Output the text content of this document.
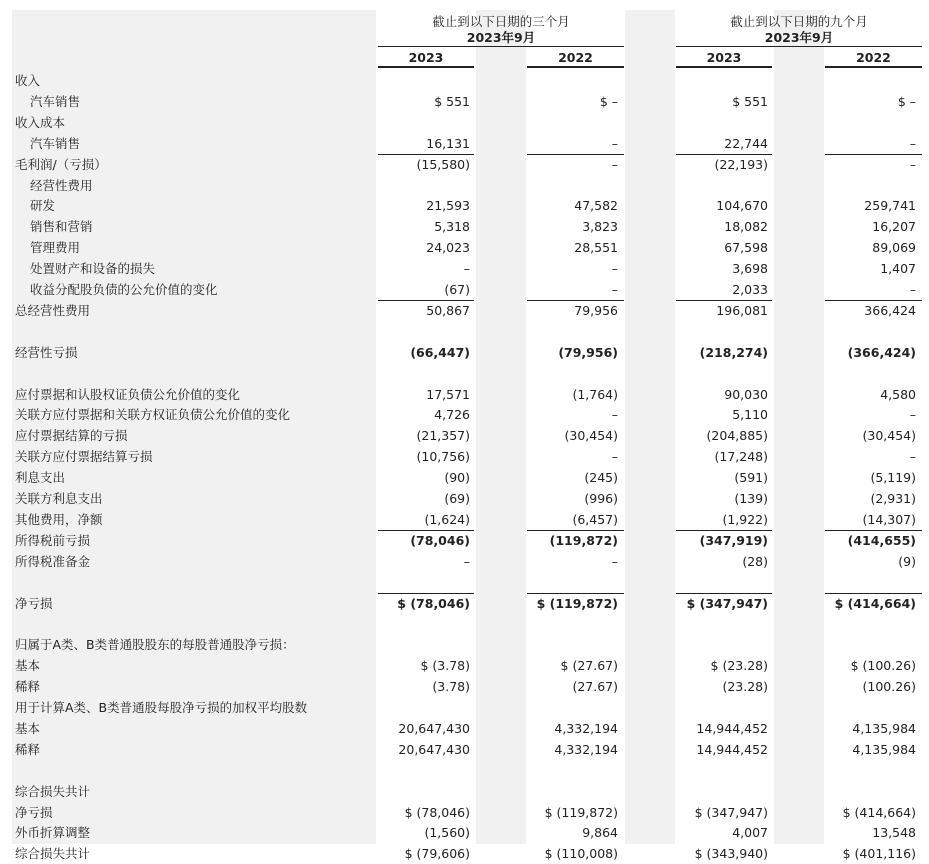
截止到以下日期的三个月
2023年9月
截止到以下日期的九个月
2023年9月
2023	2022	2023	2022
收入
汽车销售	$ 551	$ –	$ 551	$ –
收入成本
汽车销售	16,131	–	22,744	–
毛利润/（亏损）	(15,580)	–	(22,193)	–
经营性费用
研发	21,593	47,582	104,670	259,741
销售和营销	5,318	3,823	18,082	16,207
管理费用	24,023	28,551	67,598	89,069
处置财产和设备的损失	–	–	3,698	1,407
收益分配股负债的公允价值的变化	(67)	–	2,033	–
总经营性费用	50,867	79,956	196,081	366,424
经营性亏损	(66,447)	(79,956)	(218,274)	(366,424)
应付票据和认股权证负债公允价值的变化	17,571	(1,764)	90,030	4,580
关联方应付票据和关联方权证负债公允价值的变化	4,726	–	5,110	–
应付票据结算的亏损	(21,357)	(30,454)	(204,885)	(30,454)
关联方应付票据结算亏损	(10,756)	–	(17,248)	–
利息支出	(90)	(245)	(591)	(5,119)
关联方利息支出	(69)	(996)	(139)	(2,931)
其他费用，净额	(1,624)	(6,457)	(1,922)	(14,307)
所得税前亏损	(78,046)	(119,872)	(347,919)	(414,655)
所得税准备金	–	–	(28)	(9)
净亏损	$ (78,046)	$ (119,872)	$ (347,947)	$ (414,664)
归属于A类、B类普通股股东的每股普通股净亏损：
基本	$ (3.78)	$ (27.67)	$ (23.28)	$ (100.26)
稀释	(3.78)	(27.67)	(23.28)	(100.26)
用于计算A类、B类普通股每股净亏损的加权平均股数
基本	20,647,430	4,332,194	14,944,452	4,135,984
稀释	20,647,430	4,332,194	14,944,452	4,135,984
综合损失共计
净亏损	$ (78,046)	$ (119,872)	$ (347,947)	$ (414,664)
外币折算调整	(1,560)	9,864	4,007	13,548
综合损失共计	$ (79,606)	$ (110,008)	$ (343,940)	$ (401,116)
